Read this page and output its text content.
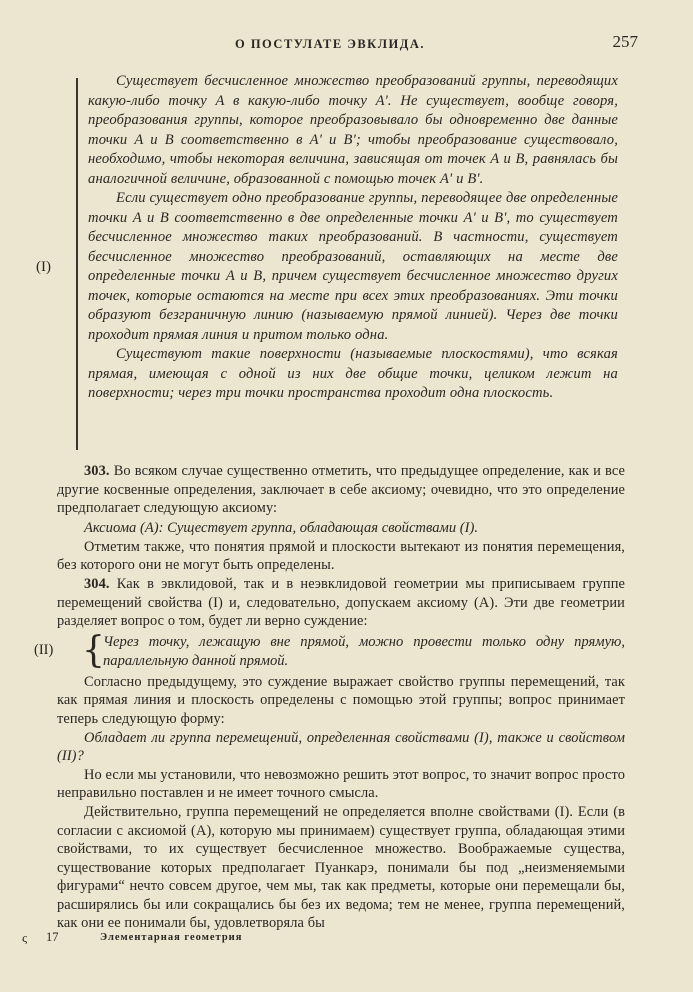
О ПОСТУЛАТЕ ЭВКЛИДА.	257
(I)

Существует бесчисленное множество преобразований группы, переводящих какую-либо точку A в какую-либо точку A'. Не существует, вообще говоря, преобразования группы, которое преобразовывало бы одновременно две данные точки A и B соответственно в A' и B'; чтобы преобразование существовало, необходимо, чтобы некоторая величина, зависящая от точек A и B, равнялась бы аналогичной величине, образованной с помощью точек A' и B'.

Если существует одно преобразование группы, переводящее две определенные точки A и B соответственно в две определенные точки A' и B', то существует бесчисленное множество таких преобразований. В частности, существует бесчисленное множество преобразований, оставляющих на месте две определенные точки A и B, причем существует бесчисленное множество других точек, которые остаются на месте при всех этих преобразованиях. Эти точки образуют безграничную линию (называемую прямой линией). Через две точки проходит прямая линия и притом только одна.

Существуют такие поверхности (называемые плоскостями), что всякая прямая, имеющая с одной из них две общие точки, целиком лежит на поверхности; через три точки пространства проходит одна плоскость.

303. Во всяком случае существенно отметить, что предыдущее определение, как и все другие косвенные определения, заключает в себе аксиому; очевидно, что это определение предполагает следующую аксиому:

Аксиома (A): Существует группа, обладающая свойствами (I).

Отметим также, что понятия прямой и плоскости вытекают из понятия перемещения, без которого они не могут быть определены.

304. Как в эвклидовой, так и в неэвклидовой геометрии мы приписываем группе перемещений свойства (I) и, следовательно, допускаем аксиому (A). Эти две геометрии разделяет вопрос о том, будет ли верно суждение:

(II) {

Через точку, лежащую вне прямой, можно провести только одну прямую, параллельную данной прямой.

Согласно предыдущему, это суждение выражает свойство группы перемещений, так как прямая линия и плоскость определены с помощью этой группы; вопрос принимает теперь следующую форму:

Обладает ли группа перемещений, определенная свойствами (I), также и свойством (II)?

Но если мы установили, что невозможно решить этот вопрос, то значит вопрос просто неправильно поставлен и не имеет точного смысла.

Действительно, группа перемещений не определяется вполне свойствами (I). Если (в согласии с аксиомой (A), которую мы принимаем) существует группа, обладающая этими свойствами, то их существует бесчисленное множество. Воображаемые существа, существование которых предполагает Пуанкарэ, понимали бы под „неизменяемыми фигурами“ нечто совсем другое, чем мы, так как предметы, которые они перемещали бы, расширялись бы или сокращались бы без их ведома; тем не менее, группа перемещений, как они ее понимали бы, удовлетворяла бы

ς 17	Элементарная геометрия
